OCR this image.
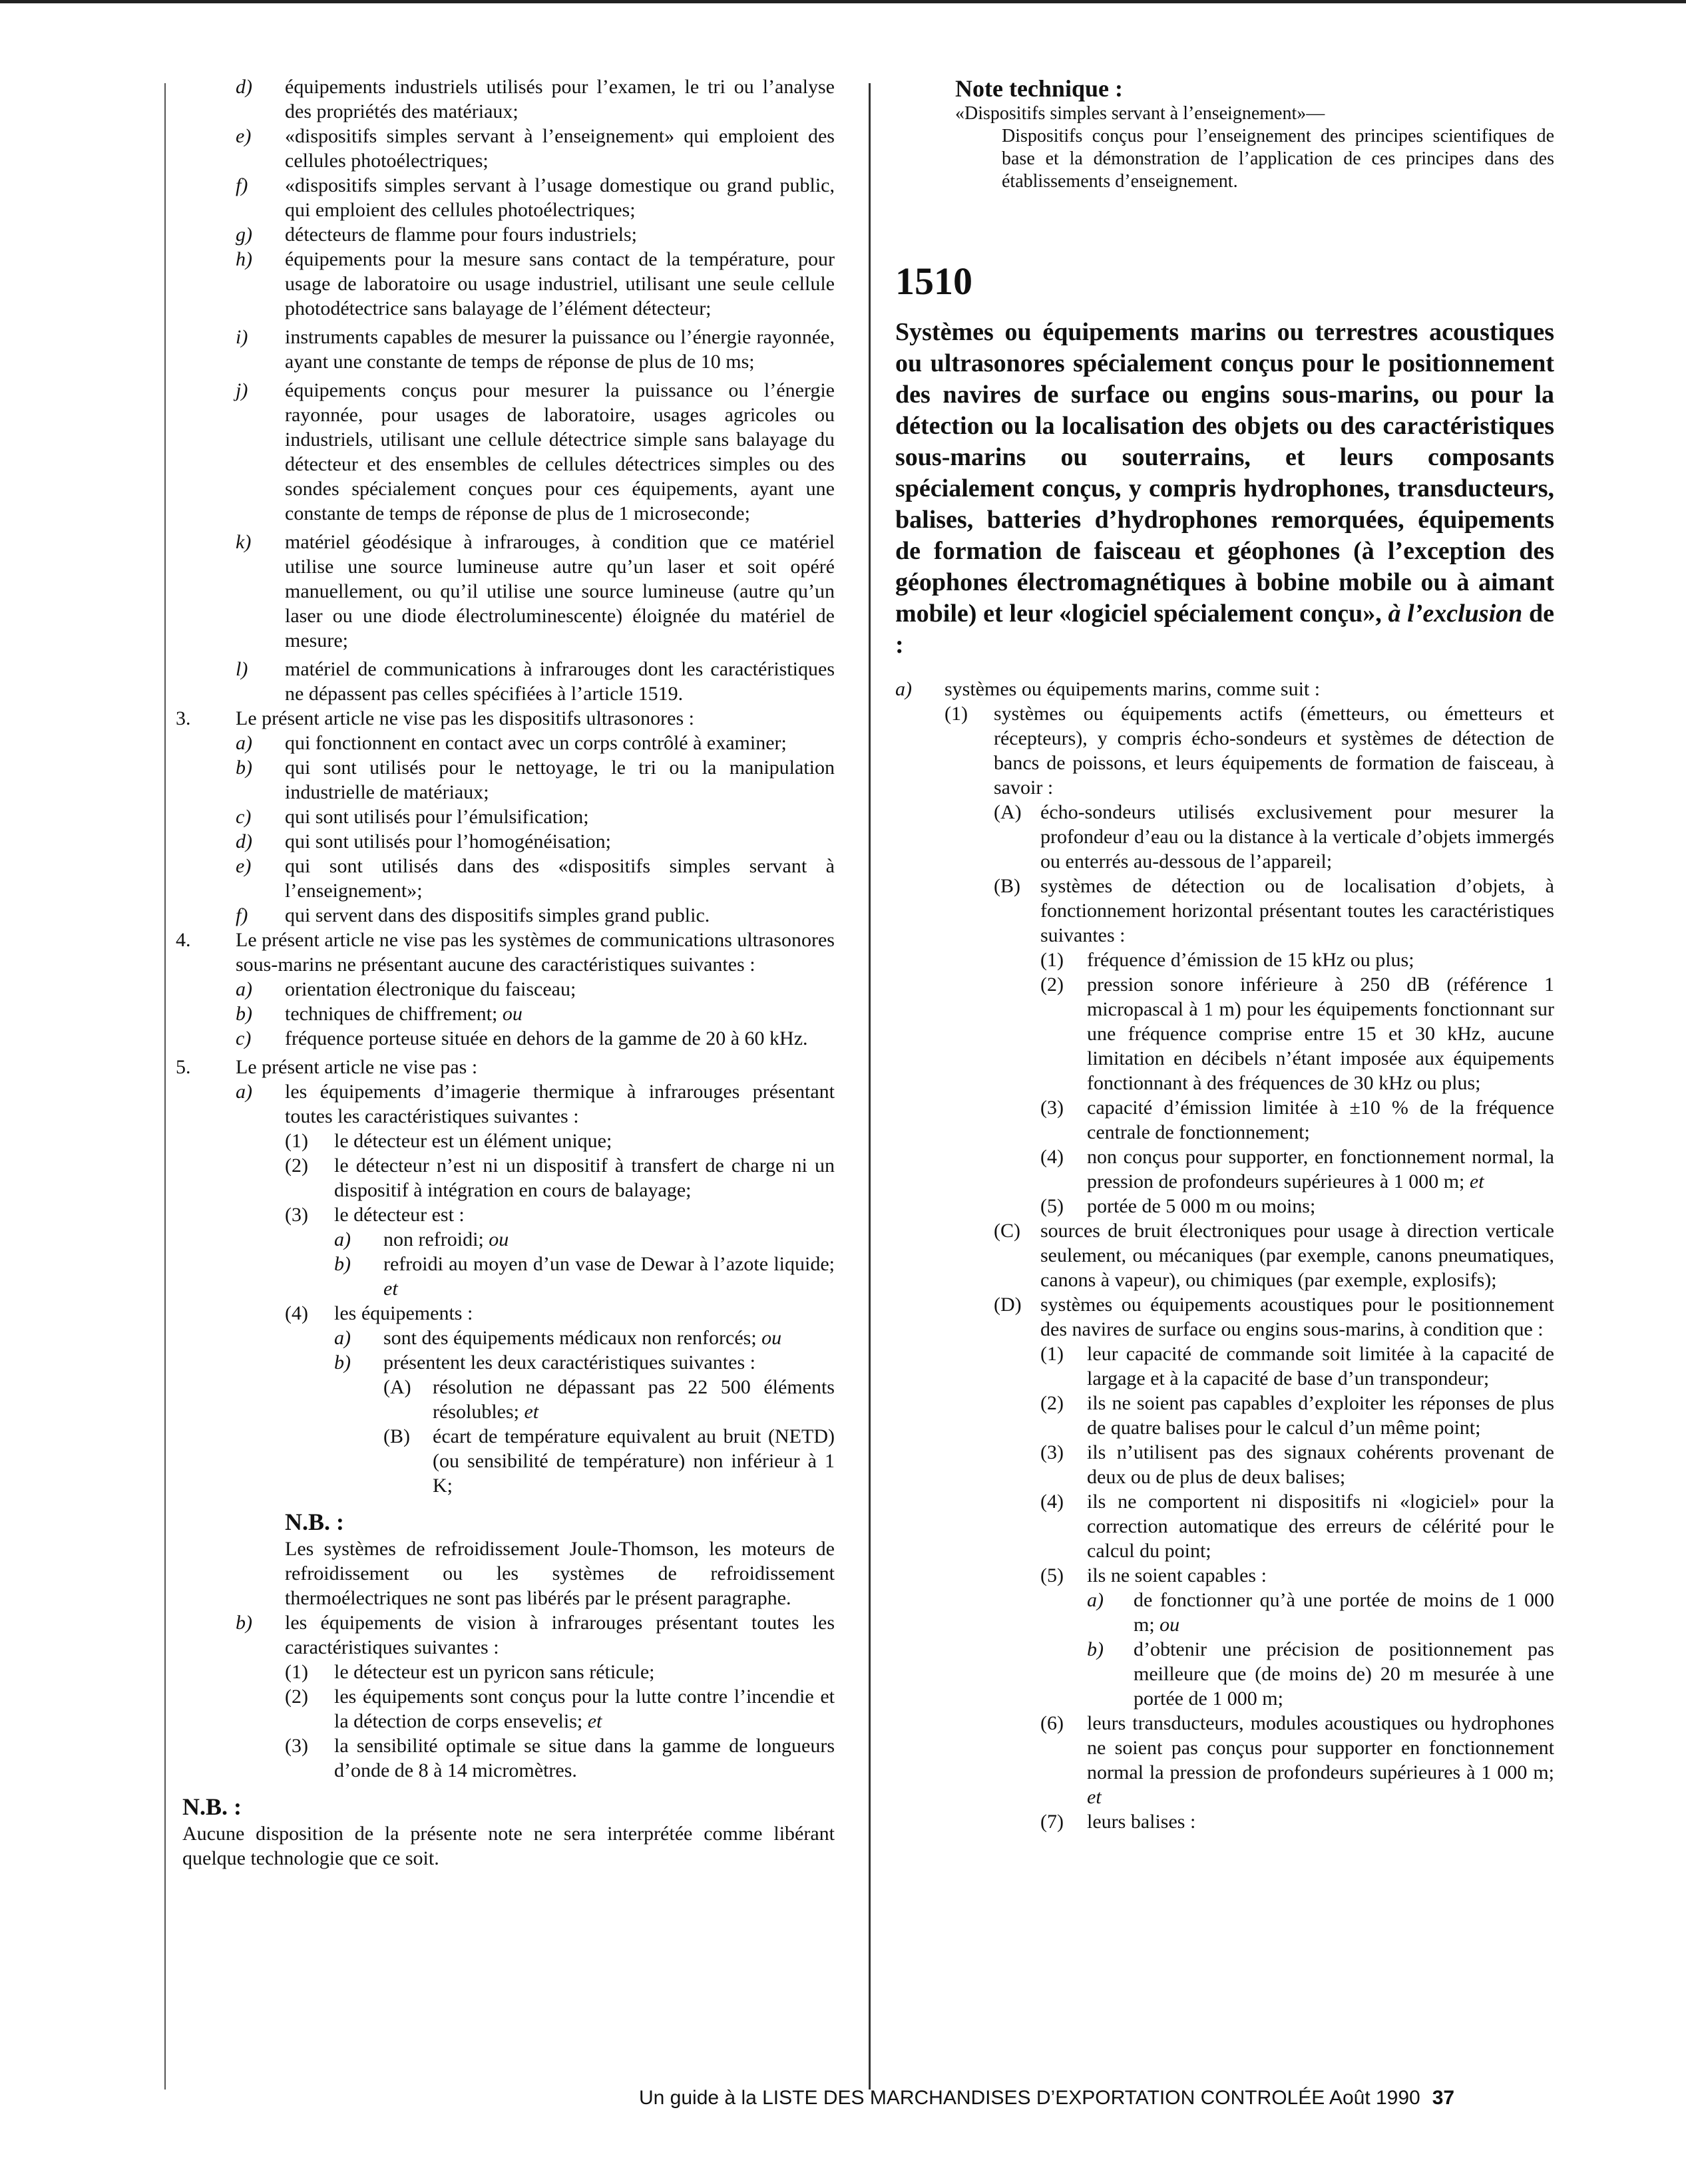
d)	équipements industriels utilisés pour l’examen, le tri ou l’analyse des propriétés des matériaux;
e)	«dispositifs simples servant à l’enseignement» qui emploient des cellules photoélectriques;
f)	«dispositifs simples servant à l’usage domestique ou grand public, qui emploient des cellules photoélectriques;
g)	détecteurs de flamme pour fours industriels;
h)	équipements pour la mesure sans contact de la température, pour usage de laboratoire ou usage industriel, utilisant une seule cellule photodétectrice sans balayage de l’élément détecteur;
i)	instruments capables de mesurer la puissance ou l’énergie rayonnée, ayant une constante de temps de réponse de plus de 10 ms;
j)	équipements conçus pour mesurer la puissance ou l’énergie rayonnée, pour usages de laboratoire, usages agricoles ou industriels, utilisant une cellule détectrice simple sans balayage du détecteur et des ensembles de cellules détectrices simples ou des sondes spécialement conçues pour ces équipements, ayant une constante de temps de réponse de plus de 1 microseconde;
k)	matériel géodésique à infrarouges, à condition que ce matériel utilise une source lumineuse autre qu’un laser et soit opéré manuellement, ou qu’il utilise une source lumineuse (autre qu’un laser ou une diode électroluminescente) éloignée du matériel de mesure;
l)	matériel de communications à infrarouges dont les caractéristiques ne dépassent pas celles spécifiées à l’article 1519.
3.	Le présent article ne vise pas les dispositifs ultrasonores :
a)	qui fonctionnent en contact avec un corps contrôlé à examiner;
b)	qui sont utilisés pour le nettoyage, le tri ou la manipulation industrielle de matériaux;
c)	qui sont utilisés pour l’émulsification;
d)	qui sont utilisés pour l’homogénéisation;
e)	qui sont utilisés dans des «dispositifs simples servant à l’enseignement»;
f)	qui servent dans des dispositifs simples grand public.
4.	Le présent article ne vise pas les systèmes de communications ultrasonores sous-marins ne présentant aucune des caractéristiques suivantes :
a)	orientation électronique du faisceau;
b)	techniques de chiffrement; ou
c)	fréquence porteuse située en dehors de la gamme de 20 à 60 kHz.
5.	Le présent article ne vise pas :
a)	les équipements d’imagerie thermique à infrarouges présentant toutes les caractéristiques suivantes :
(1)	le détecteur est un élément unique;
(2)	le détecteur n’est ni un dispositif à transfert de charge ni un dispositif à intégration en cours de balayage;
(3)	le détecteur est :
a)	non refroidi; ou
b)	refroidi au moyen d’un vase de Dewar à l’azote liquide; et
(4)	les équipements :
a)	sont des équipements médicaux non renforcés; ou
b)	présentent les deux caractéristiques suivantes :
(A)	résolution ne dépassant pas 22 500 éléments résolubles; et
(B)	écart de température equivalent au bruit (NETD) (ou sensibilité de température) non inférieur à 1 K;
N.B. :
Les systèmes de refroidissement Joule-Thomson, les moteurs de refroidissement ou les systèmes de refroidissement thermoélectriques ne sont pas libérés par le présent paragraphe.
b)	les équipements de vision à infrarouges présentant toutes les caractéristiques suivantes :
(1)	le détecteur est un pyricon sans réticule;
(2)	les équipements sont conçus pour la lutte contre l’incendie et la détection de corps ensevelis; et
(3)	la sensibilité optimale se situe dans la gamme de longueurs d’onde de 8 à 14 micromètres.
N.B. :
Aucune disposition de la présente note ne sera interprétée comme libérant quelque technologie que ce soit.
Note technique :
«Dispositifs simples servant à l’enseignement»—
Dispositifs conçus pour l’enseignement des principes scientifiques de base et la démonstration de l’application de ces principes dans des établissements d’enseignement.
1510
Systèmes ou équipements marins ou terrestres acoustiques ou ultrasonores spécialement conçus pour le positionnement des navires de surface ou engins sous-marins, ou pour la détection ou la localisation des objets ou des caractéristiques sous-marins ou souterrains, et leurs composants spécialement conçus, y compris hydrophones, transducteurs, balises, batteries d’hydrophones remorquées, équipements de formation de faisceau et géophones (à l’exception des géophones électromagnétiques à bobine mobile ou à aimant mobile) et leur «logiciel spécialement conçu», à l’exclusion de :
a)	systèmes ou équipements marins, comme suit :
(1)	systèmes ou équipements actifs (émetteurs, ou émetteurs et récepteurs), y compris écho-sondeurs et systèmes de détection de bancs de poissons, et leurs équipements de formation de faisceau, à savoir :
(A) écho-sondeurs utilisés exclusivement pour mesurer la profondeur d’eau ou la distance à la verticale d’objets immergés ou enterrés au-dessous de l’appareil;
(B)	systèmes de détection ou de localisation d’objets, à fonctionnement horizontal présentant toutes les caractéristiques suivantes :
(1)	fréquence d’émission de 15 kHz ou plus;
(2)	pression sonore inférieure à 250 dB (référence 1 micropascal à 1 m) pour les équipements fonctionnant sur une fréquence comprise entre 15 et 30 kHz, aucune limitation en décibels n’étant imposée aux équipements fonctionnant à des fréquences de 30 kHz ou plus;
(3)	capacité d’émission limitée à ±10 % de la fréquence centrale de fonctionnement;
(4)	non conçus pour supporter, en fonctionnement normal, la pression de profondeurs supérieures à 1 000 m; et
(5)	portée de 5 000 m ou moins;
(C)	sources de bruit électroniques pour usage à direction verticale seulement, ou mécaniques (par exemple, canons pneumatiques, canons à vapeur), ou chimiques (par exemple, explosifs);
(D) systèmes ou équipements acoustiques pour le positionnement des navires de surface ou engins sous-marins, à condition que :
(1)	leur capacité de commande soit limitée à la capacité de largage et à la capacité de base d’un transpondeur;
(2)	ils ne soient pas capables d’exploiter les réponses de plus de quatre balises pour le calcul d’un même point;
(3)	ils n’utilisent pas des signaux cohérents provenant de deux ou de plus de deux balises;
(4)	ils ne comportent ni dispositifs ni «logiciel» pour la correction automatique des erreurs de célérité pour le calcul du point;
(5)	ils ne soient capables :
a)	de fonctionner qu’à une portée de moins de 1 000 m; ou
b)	d’obtenir une précision de positionnement pas meilleure que (de moins de) 20 m mesurée à une portée de 1 000 m;
(6)	leurs transducteurs, modules acoustiques ou hydrophones ne soient pas conçus pour supporter en fonctionnement normal la pression de profondeurs supérieures à 1 000 m; et
(7)	leurs balises :
Un guide à la LISTE DES MARCHANDISES D’EXPORTATION CONTROLÉE Août 1990 37
